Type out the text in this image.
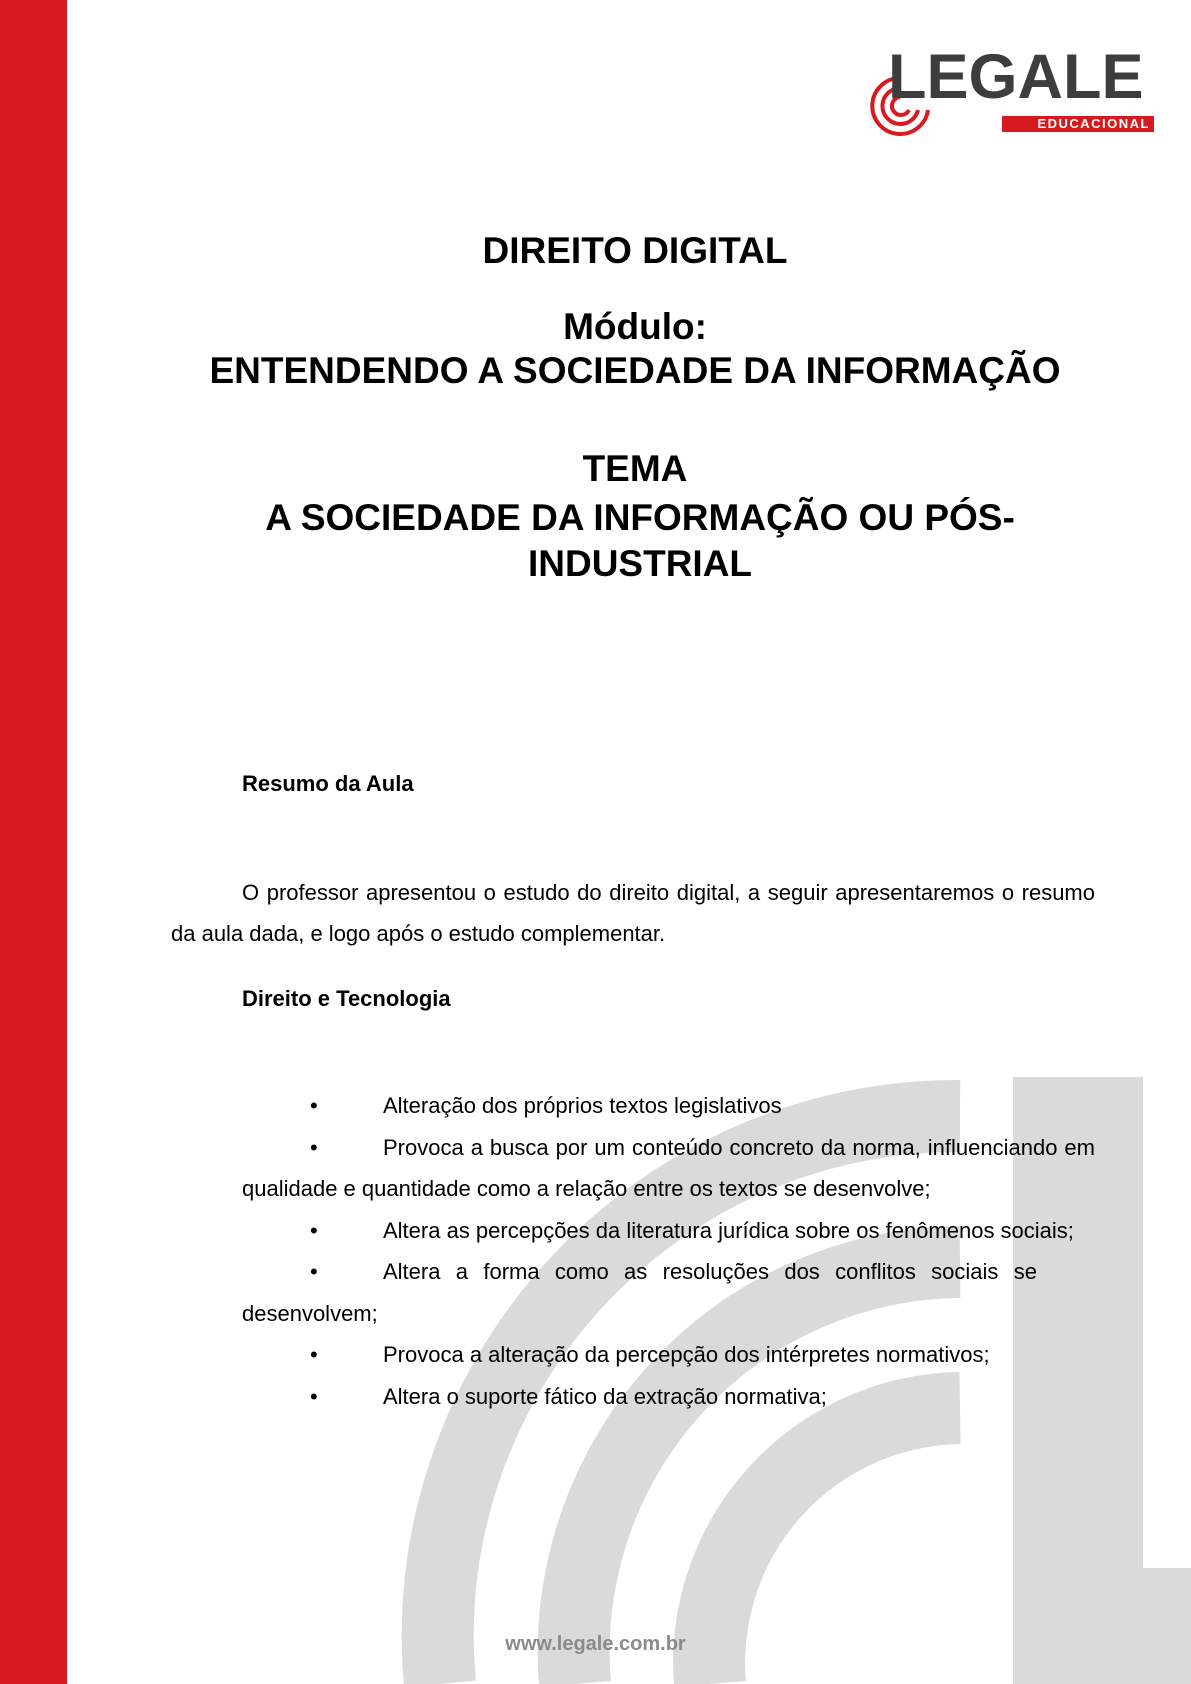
LEGALE
EDUCACIONAL
DIREITO DIGITAL
Módulo:
ENTENDENDO A SOCIEDADE DA INFORMAÇÃO
TEMA
A SOCIEDADE DA INFORMAÇÃO OU PÓS-INDUSTRIAL
Resumo da Aula
O professor apresentou o estudo do direito digital, a seguir apresentaremos o resumo da aula dada, e logo após o estudo complementar.
Direito e Tecnologia
•	Alteração dos próprios textos legislativos
•	Provoca a busca por um conteúdo concreto da norma, influenciando em qualidade e quantidade como a relação entre os textos se desenvolve;
•	Altera as percepções da literatura jurídica sobre os fenômenos sociais;
•	Altera a forma como as resoluções dos conflitos sociais se desenvolvem;
•	Provoca a alteração da percepção dos intérpretes normativos;
•	Altera o suporte fático da extração normativa;
www.legale.com.br
